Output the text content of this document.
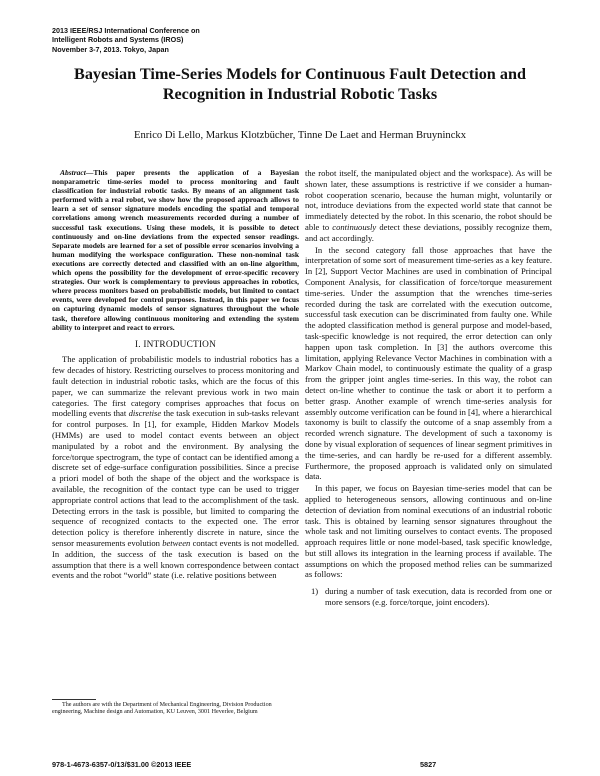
2013 IEEE/RSJ International Conference on
Intelligent Robots and Systems (IROS)
November 3-7, 2013. Tokyo, Japan
Bayesian Time-Series Models for Continuous Fault Detection and
Recognition in Industrial Robotic Tasks
Enrico Di Lello, Markus Klotzbücher, Tinne De Laet and Herman Bruyninckx

Abstract—This paper presents the application of a Bayesian nonparametric time-series model to process monitoring and fault classification for industrial robotic tasks. By means of an alignment task performed with a real robot, we show how the proposed approach allows to learn a set of sensor signature models encoding the spatial and temporal correlations among wrench measurements recorded during a number of successful task executions. Using these models, it is possible to detect continuously and on-line deviations from the expected sensor readings. Separate models are learned for a set of possible error scenarios involving a human modifying the workspace configuration. These non-nominal task executions are correctly detected and classified with an on-line algorithm, which opens the possibility for the development of error-specific recovery strategies. Our work is complementary to previous approaches in robotics, where process monitors based on probabilistic models, but limited to contact events, were developed for control purposes. Instead, in this paper we focus on capturing dynamic models of sensor signatures throughout the whole task, therefore allowing continuous monitoring and extending the system ability to interpret and react to errors.

I. INTRODUCTION

The application of probabilistic models to industrial robotics has a few decades of history. Restricting ourselves to process monitoring and fault detection in industrial robotic tasks, which are the focus of this paper, we can summarize the relevant previous work in two main categories. The first category comprises approaches that focus on modelling events that discretise the task execution in sub-tasks relevant for control purposes. In [1], for example, Hidden Markov Models (HMMs) are used to model contact events between an object manipulated by a robot and the environment. By analysing the force/torque spectrogram, the type of contact can be identified among a discrete set of edge-surface configuration possibilities. Since a precise a priori model of both the shape of the object and the workspace is available, the recognition of the contact type can be used to trigger appropriate control actions that lead to the accomplishment of the task. Detecting errors in the task is possible, but limited to comparing the sequence of recognized contacts to the expected one. The error detection policy is therefore inherently discrete in nature, since the sensor measurements evolution between contact events is not modelled. In addition, the success of the task execution is based on the assumption that there is a well known correspondence between contact events and the robot “world” state (i.e. relative positions between

the robot itself, the manipulated object and the workspace). As will be shown later, these assumptions is restrictive if we consider a human-robot cooperation scenario, because the human might, voluntarily or not, introduce deviations from the expected world state that cannot be immediately detected by the robot. In this scenario, the robot should be able to continuously detect these deviations, possibly recognize them, and act accordingly.

In the second category fall those approaches that have the interpretation of some sort of measurement time-series as a key feature. In [2], Support Vector Machines are used in combination of Principal Component Analysis, for classification of force/torque measurement time-series. Under the assumption that the wrenches time-series recorded during the task are correlated with the execution outcome, successful task execution can be discriminated from faulty one. While the adopted classification method is general purpose and model-based, task-specific knowledge is not required, the error detection can only happen upon task completion. In [3] the authors overcome this limitation, applying Relevance Vector Machines in combination with a Markov Chain model, to continuously estimate the quality of a grasp from the gripper joint angles time-series. In this way, the robot can detect on-line whether to continue the task or abort it to perform a better grasp. Another example of wrench time-series analysis for assembly outcome verification can be found in [4], where a hierarchical taxonomy is built to classify the outcome of a snap assembly from a recorded wrench signature. The development of such a taxonomy is done by visual exploration of sequences of linear segment primitives in the time-series, and can hardly be re-used for a different assembly. Furthermore, the proposed approach is validated only on simulated data.

In this paper, we focus on Bayesian time-series model that can be applied to heterogeneous sensors, allowing continuous and on-line detection of deviation from nominal executions of an industrial robotic task. This is obtained by learning sensor signatures throughout the whole task and not limiting ourselves to contact events. The proposed approach requires little or none model-based, task specific knowledge, but still allows its integration in the learning process if available. The assumptions on which the proposed method relies can be summarized as follows:

1) during a number of task execution, data is recorded from one or more sensors (e.g. force/torque, joint encoders).
The authors are with the Department of Mechanical Engineering, Division Production engineering, Machine design and Automation, KU Leuven, 3001 Heverlee, Belgium
978-1-4673-6357-0/13/$31.00 ©2013 IEEE	5827
